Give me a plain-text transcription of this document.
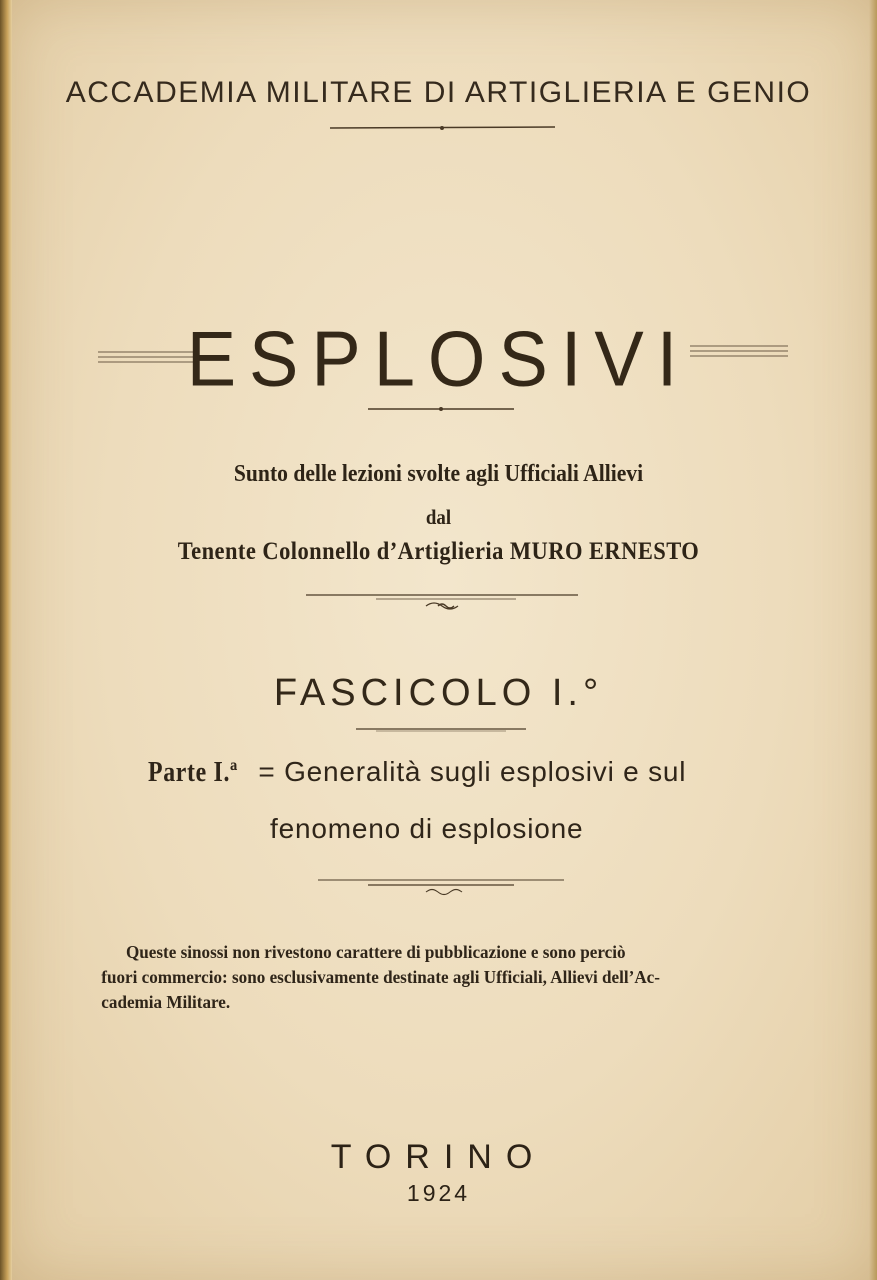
ACCADEMIA MILITARE DI ARTIGLIERIA E GENIO
ESPLOSIVI
Sunto delle lezioni svolte agli Ufficiali Allievi
dal
Tenente Colonnello d’Artiglieria MURO ERNESTO
FASCICOLO I.°
Parte I.ª = Generalità sugli esplosivi e sul
fenomeno di esplosione
Queste sinossi non rivestono carattere di pubblicazione e sono perciò
fuori commercio: sono esclusivamente destinate agli Ufficiali, Allievi dell’Ac-
cademia Militare.
TORINO
1924
